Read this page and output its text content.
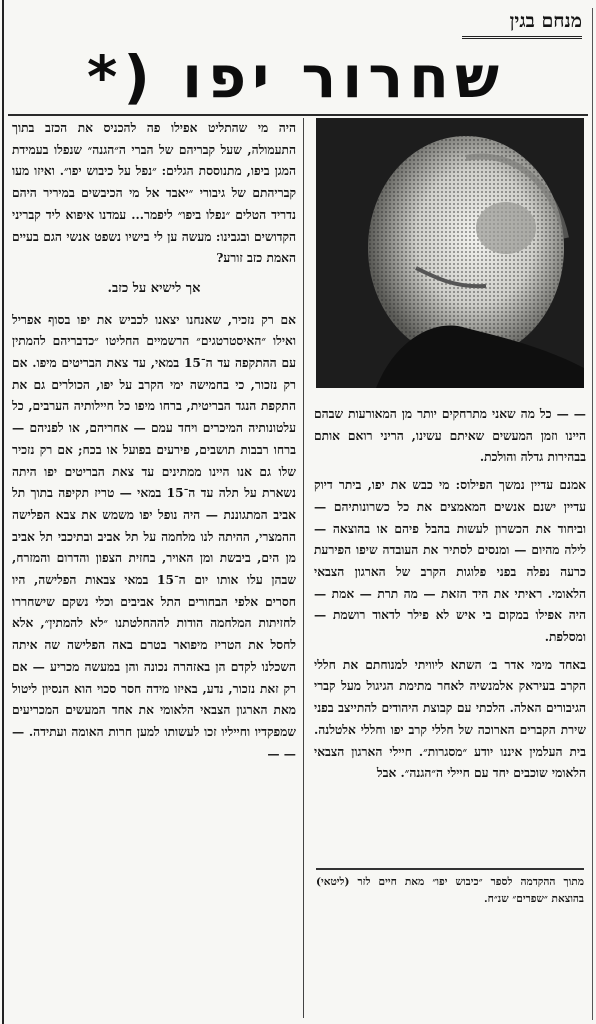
מנחם בגין
שחרור יפו (*

היה מי שהתליט אפילו פה להכניס את הכזב בתוך התעמולה, שעל קבריהם של הברי ה״הגנה״ שנפלו בעמידת המגן ביפו, מתנוססת הגלים: ״נפל על כיבוש יפו״. ואיזו מעו קבריהתם של גיבורי ״יאבד אל מי הכיבשים במיריר היהם נדריד הטלים ״נפלו ביפו״ ליפמר... עמדנו איפוא ליד קבריני הקדושים ובגבינו: מעשה ען לי בישיו נשפט אנשי הגם בעיים האמת כזב זורע?

אך לישיא על כזב.

אם רק נזכיר, שאנחנו יצאנו לכביש את יפו בסוף אפריל ואילו ״האיסטרטגים״ הרשמיים החליטו ״כדבריהם להמתין עם ההתקפה עד ה־15 במאי, עד צאת הבריטים מיפו. אם רק נזכור, כי בחמישה ימי הקרב על יפו, הכולרים גם את התקפת הנגד הבריטית, ברחו מיפו כל חיילותיה הערבים, כל עלטונותיה המיכרים ויחד עמם — אחריהם, או לפניהם — ברחו רבבות תושבים, פירעים בפועל או בכח; אם רק נזכיר שלו גם אנו היינו ממתינים עד צאת הבריטים יפו היתה נשארת על תלה עד ה־15 במאי — טריז תקיפה בתוך תל אביב המתגוננת — היה נופל יפו משמש את צבא הפלישה ההמצרי, ההיתה לנו מלחמה על תל אביב ובתיכבי תל אביב מן הים, ביבשת ומן האויר, בחזית הצפון והדרום והמזרח, שבהן עלו אותו יום ה־15 במאי צבאות הפלישה, היו חסרים אלפי הבחורים התל אביבים וכלי נשקם שישחררו לחזיתות המלחמה הודות לההחלטתנו ״לא להמתין״, אלא לחסל את הטריז מיפואר בטרם באה הפלישה שה איתה השכלנו לקדם הן באזהרה נכונה והן במעשה מכריע — אם רק זאת נזכור, נדע, באיזו מידה חסר סכוי הוא הנסיון ליטול מאת הארגון הצבאי הלאומי את אחד המעשים המכריעים שמפקדיו וחייליו זכו לעשותו למען חרות האומה ועתידה. — — —

— — כל מה שאני מתרחקים יותר מן המאורעות שבהם היינו וזמן המעשים שאיתם עשינו, הריני רואם אותם בבהירות גדלה והולכת.

אמנם עדיין נמשך הפילוס: מי כבש את יפו, ביתר דיוק עדיין ישנם אנשים המאמצים את כל כשרונותיהם — וביחוד את הכשרון לעשות בהבל פיהם או בהוצאה — לילה מהיום — ומנסים לסתיר את העובדה שיפו הפירעת כרעה נפלה בפני פלוגות הקרב של הארגון הצבאי הלאומי. ראיתי את היד הזאת — מה תרת — אמת — היה אפילו במקום בי איש לא פילר לדאוד רושמת — ומסלפת.

באחד מימי אדר ב׳ השתא ליוויתי למנוחתם את חללי הקרב בעיראק אלמנשיה לאחר מתימת הגיגול מעל קברי הגיבורים האלה. הלכתי עם קבוצת היהודים להתייצב בפני שירת הקברים הארוכה של חללי קרב יפו וחללי אלטלנה. בית העלמין איננו יודע ״מסגרות״. חיילי הארגון הצבאי הלאומי שוכבים יחד עם חיילי ה״הגנה״. אבל

מתוך ההקדמה לספר ״כיבוש יפו״ מאת חיים לזר (ליטאי) בהוצאת ״שפרים״ שנ״ח.
